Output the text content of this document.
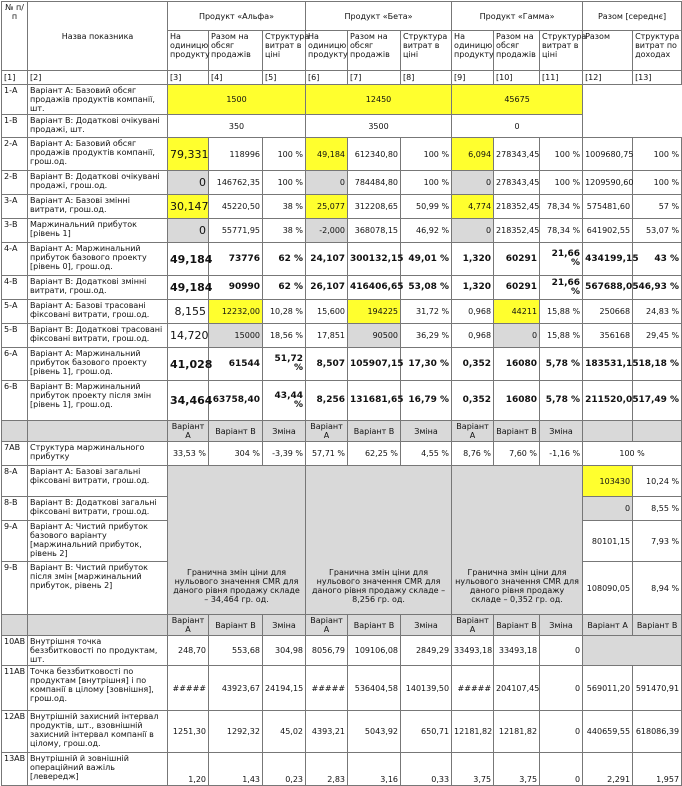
№ п/п	Назва показника	Продукт «Альфа»			Продукт «Бета»			Продукт «Гамма»			Разом [середнє]	
		На одиницю продукту	Разом на обсяг продажів	Структура витрат в ціні	На одиницю продукту	Разом на обсяг продажів	Структура витрат в ціні	На одиницю продукту	Разом на обсяг продажів	Структура витрат в ціні	Разом	Структура витрат по доходах
[1]	[2]	[3]	[4]	[5]	[6]	[7]	[8]	[9]	[10]	[11]	[12]	[13]
1-А	Варіант А: Базовий обсяг продажів продуктів компанії, шт.	1500			12450			45675				
1-В	Варіант В: Додаткові очікувані продажі, шт.	350			3500			0				
2-А	Варіант А: Базовий обсяг продажів продуктів компанії, грош.од.	79,331	118996	100 %	49,184	612340,80	100 %	6,094	278343,45	100 %	1009680,75	100 %
2-В	Варіант В: Додаткові очікувані продажі, грош.од.	0	146762,35	100 %	0	784484,80	100 %	0	278343,45	100 %	1209590,60	100 %
3-А	Варіант А: Базові змінні витрати, грош.од.	30,147	45220,50	38 %	25,077	312208,65	50,99 %	4,774	218352,45	78,34 %	575481,60	57 %
3-В	Маржинальний прибуток [рівень 1]	0	55771,95	38 %	-2,000	368078,15	46,92 %	0	218352,45	78,34 %	641902,55	53,07 %
4-А	Варіант А: Маржинальний прибуток базового проекту [рівень 0], грош.од.	49,184	73776	62 %	24,107	300132,15	49,01 %	1,320	60291	21,66 %	434199,15	43 %
4-В	Варіант В: Додаткові змінні витрати, грош.од.	49,184	90990	62 %	26,107	416406,65	53,08 %	1,320	60291	21,66 %	567688,05	46,93 %
5-А	Варіант А: Базові трасовані фіксовані витрати, грош.од.	8,155	12232,00	10,28 %	15,600	194225	31,72 %	0,968	44211	15,88 %	250668	24,83 %
5-В	Варіант В: Додаткові трасовані фіксовані витрати, грош.од.	14,720	15000	18,56 %	17,851	90500	36,29 %	0,968	0	15,88 %	356168	29,45 %
6-А	Варіант А: Маржинальний прибуток базового проекту [рівень 1], грош.од.	41,028	61544	51,72 %	8,507	105907,15	17,30 %	0,352	16080	5,78 %	183531,15	18,18 %
6-В	Варіант В: Маржинальний прибуток проекту після змін [рівень 1], грош.од.	34,464	63758,40	43,44 %	8,256	131681,65	16,79 %	0,352	16080	5,78 %	211520,05	17,49 %
		Варіант А	Варіант В	Зміна	Варіант А	Варіант В	Зміна	Варіант А	Варіант В	Зміна		
7АВ	Структура маржинального прибутку	33,53 %	304 %	-3,39 %	57,71 %	62,25 %	4,55 %	8,76 %	7,60 %	-1,16 %	100 %	
8-А	Варіант А: Базові загальні фіксовані витрати, грош.од.	Гранична змін ціни для нульового значення CMR для даного рівня продажу складе – 34,464 гр. од.			Гранична змін ціни для нульового значення CMR для даного рівня продажу складе – 8,256 гр. од.			Гранична змін ціни для нульового значення CMR для даного рівня продажу складе – 0,352 гр. од.			103430	10,24 %
8-В	Варіант В: Додаткові загальні фіксовані витрати, грош.од.										0	8,55 %
9-А	Варіант А: Чистий прибуток базового варіанту [маржинальний прибуток, рівень 2]										80101,15	7,93 %
9-В	Варіант В: Чистий прибуток після змін [маржинальний прибуток, рівень 2]										108090,05	8,94 %
		Варіант А	Варіант В	Зміна	Варіант А	Варіант В	Зміна	Варіант А	Варіант В	Зміна	Варіант А	Варіант В
10АВ	Внутрішня точка беззбитковості по продуктам, шт.	248,70	553,68	304,98	8056,79	109106,08	2849,29	33493,18	33493,18	0		
11АВ	Точка беззбитковості по продуктам [внутрішня] і по компанії в цілому [зовнішня], грош.од.	#####	43923,67	24194,15	#####	536404,58	140139,50	#####	204107,45	0	569011,20	591470,91
12АВ	Внутрішній захисний інтервал продуктів, шт., взовнішній захисний інтервал компанії в цілому, грош.од.	1251,30	1292,32	45,02	4393,21	5043,92	650,71	12181,82	12181,82	0	440659,55	618086,39
13АВ	Внутрішній й зовнішній операційний важіль [левередж]	1,20	1,43	0,23	2,83	3,16	0,33	3,75	3,75	0	2,291	1,957
